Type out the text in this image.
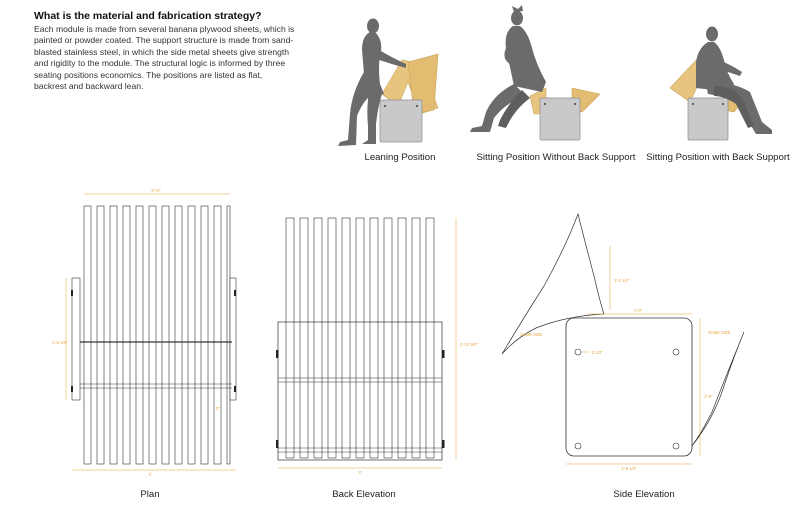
What is the material and fabrication strategy?
Each module is made from several banana plywood sheets, which is painted or powder coated. The support structure is made from sand-blasted stainless steel, in which the side metal sheets give strength and rigidity to the module. The structural logic is informed by three seating positions economics. The positions are listed as flat, backrest and backward lean.
Leaning Position	Sitting Position Without Back Support	Sitting Position with Back Support
3'-0"
1'-8 1/4"
3'
0"
Plan
2'-10 3/4"
3'
Back Elevation
1'-0"
1'-2 1/4"
1'-8"
1'-6 1/4"
0 1/2"
SAME SIZE	SAME SIZE
Side Elevation
